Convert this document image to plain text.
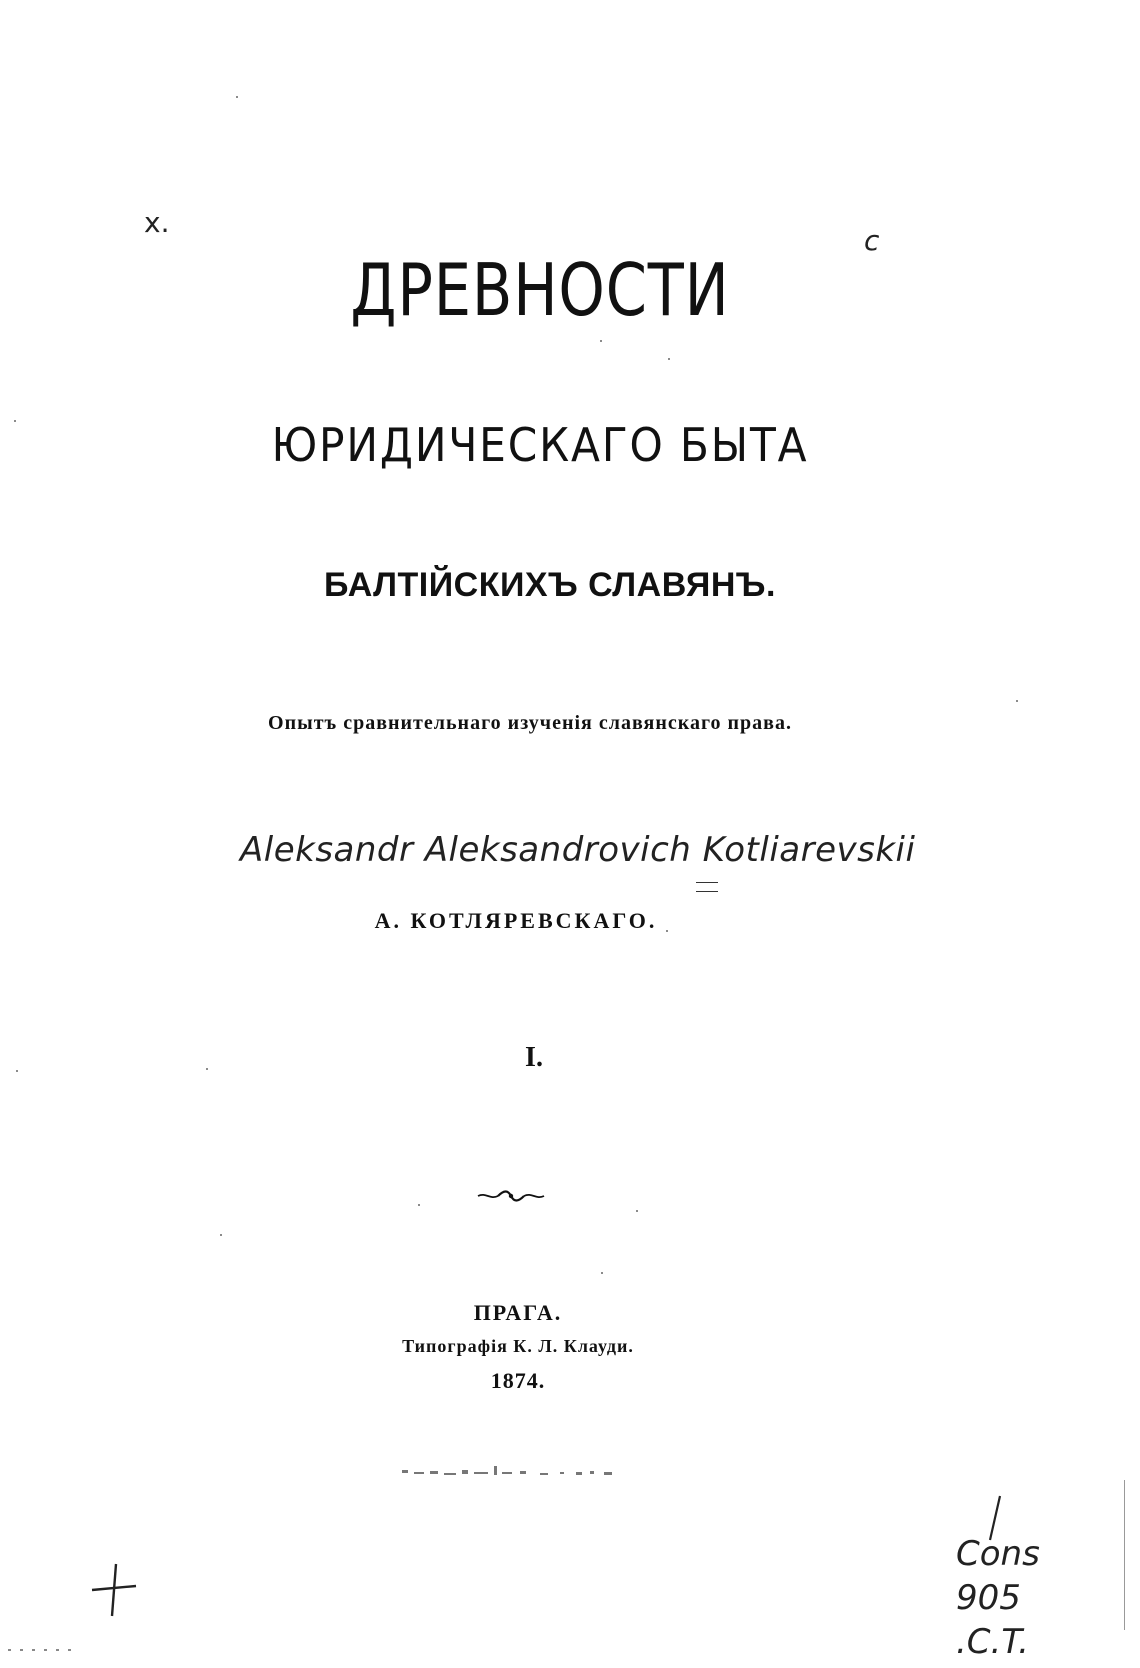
x.
c
ДРЕВНОСТИ
ЮРИДИЧЕСКАГО БЫТА
БАЛТІЙСКИХЪ СЛАВЯНЪ.
Опытъ сравнительнаго изученія славянскаго права.
Aleksandr Aleksandrovich Kotliarevskii
А. КОТЛЯРЕВСКАГО.
I.
ПРАГА.
Типографія К. Л. Клауди.
1874.
Cons
905
.C.T.
